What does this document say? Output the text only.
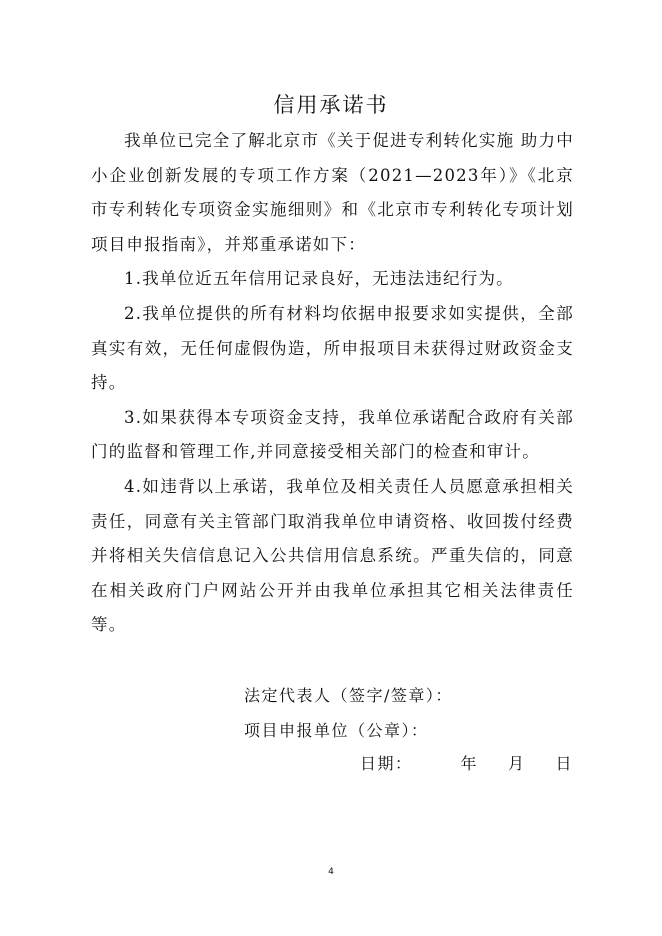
信用承诺书

我单位已完全了解北京市《关于促进专利转化实施 助力中小企业创新发展的专项工作方案（2021—2023年）》《北京市专利转化专项资金实施细则》和《北京市专利转化专项计划项目申报指南》，并郑重承诺如下：

1.我单位近五年信用记录良好，无违法违纪行为。

2.我单位提供的所有材料均依据申报要求如实提供，全部真实有效，无任何虚假伪造，所申报项目未获得过财政资金支持。

3.如果获得本专项资金支持，我单位承诺配合政府有关部门的监督和管理工作,并同意接受相关部门的检查和审计。

4.如违背以上承诺，我单位及相关责任人员愿意承担相关责任，同意有关主管部门取消我单位申请资格、收回拨付经费并将相关失信信息记入公共信用信息系统。严重失信的，同意在相关政府门户网站公开并由我单位承担其它相关法律责任等。

法定代表人（签字/签章）：
项目申报单位（公章）：
日期：	年 月 日
4
